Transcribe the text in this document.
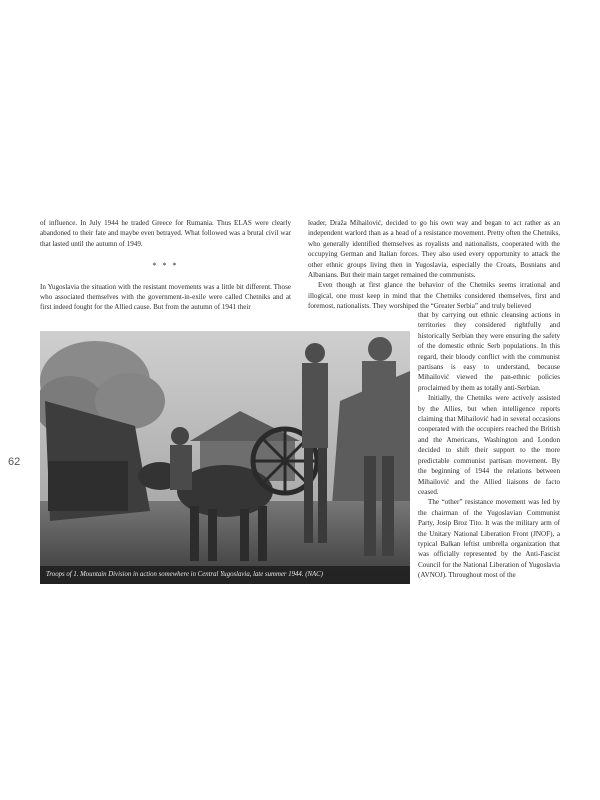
of influence. In July 1944 he traded Greece for Rumania. Thus ELAS were clearly abandoned to their fate and maybe even betrayed. What followed was a brutal civil war that lasted until the autumn of 1949.

* * *

In Yugoslavia the situation with the resistant movements was a little bit different. Those who associated themselves with the government-in-exile were called Chetniks and at first indeed fought for the Allied cause. But from the autumn of 1941 their

leader, Draža Mihailović, decided to go his own way and began to act rather as an independent warlord than as a head of a resistance movement. Pretty often the Chetniks, who generally identified themselves as royalists and nationalists, cooperated with the occupying German and Italian forces. They also used every opportunity to attack the other ethnic groups living then in Yugoslavia, especially the Croats, Bosnians and Albanians. But their main target remained the communists.

Even though at first glance the behavior of the Chetniks seems irrational and illogical, one must keep in mind that the Chetniks considered themselves, first and foremost, nationalists. They worshiped the “Greater Serbia” and truly believed

that by carrying out ethnic cleansing actions in territories they considered rightfully and historically Serbian they were ensuring the safety of the domestic ethnic Serb populations. In this regard, their bloody conflict with the communist partisans is easy to understand, because Mihailović viewed the pan-ethnic policies proclaimed by them as totally anti-Serbian.

Initially, the Chetniks were actively assisted by the Allies, but when intelligence reports claiming that Mihailović had in several occasions cooperated with the occupiers reached the British and the Americans, Washington and London decided to shift their support to the more predictable communist partisan movement. By the beginning of 1944 the relations between Mihailović and the Allied liaisons de facto ceased.

The “other” resistance movement was led by the chairman of the Yugoslavian Communist Party, Josip Broz Tito. It was the military arm of the Unitary National Liberation Front (JNOF), a typical Balkan leftist umbrella organization that was officially represented by the Anti-Fascist Council for the National Liberation of Yugoslavia (AVNOJ). Throughout most of the

62
Troops of 1. Mountain Division in action somewhere in Central Yugoslavia, late summer 1944. (NAC)
